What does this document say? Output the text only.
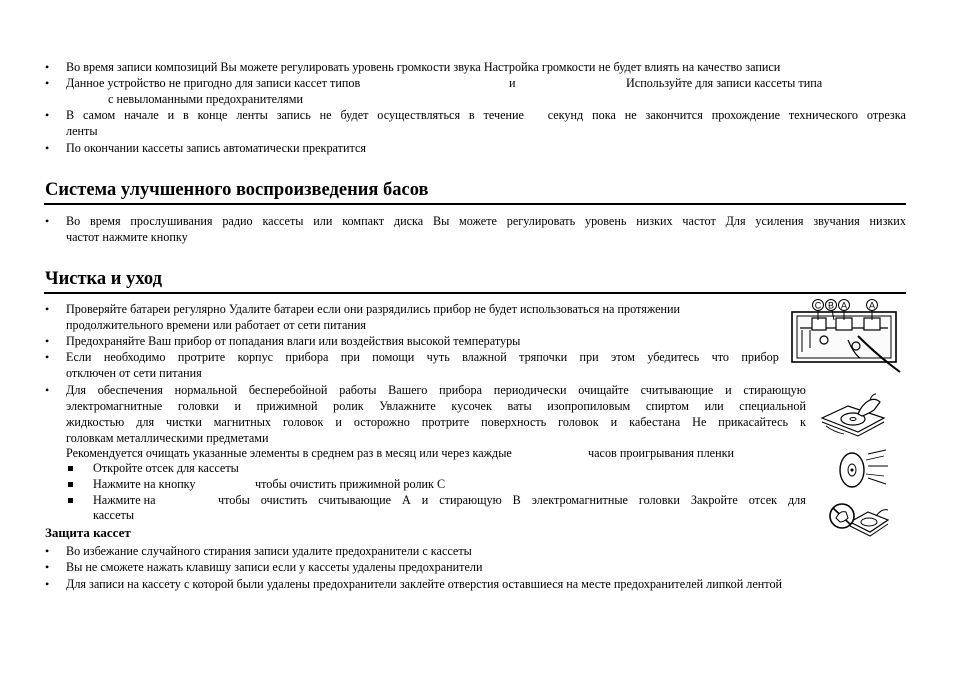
• Во время записи композиций Вы можете регулировать уровень громкости звука Настройка громкости не будет влиять на качество записи
• Данное устройство не пригодно для записи кассет типов	и	Используйте для записи кассеты типа
с невыломанными предохранителями
• В самом начале и в конце ленты запись не будет осуществляться в течение секунд пока не закончится прохождение технического отрезка
ленты
• По окончании кассеты запись автоматически прекратится
Система улучшенного воспроизведения басов
• Во время прослушивания радио кассеты или компакт диска Вы можете регулировать уровень низких частот Для усиления звучания низких
частот нажмите кнопку
Чистка и уход
• Проверяйте батареи регулярно Удалите батареи если они разрядились прибор не будет использоваться на протяжении
продолжительного времени или работает от сети питания
• Предохраняйте Ваш прибор от попадания влаги или воздействия высокой температуры
• Если необходимо протрите корпус прибора при помощи чуть влажной тряпочки при этом убедитесь что прибор
отключен от сети питания
• Для обеспечения нормальной бесперебойной работы Вашего прибора периодически очищайте считывающие и стирающую
электромагнитные головки и прижимной ролик Увлажните кусочек ваты изопропиловым спиртом или специальной
жидкостью для чистки магнитных головок и осторожно протрите поверхность головок и кабестана Не прикасайтесь к
головкам металлическими предметами
Рекомендуется очищать указанные элементы в среднем раз в месяц или через каждые	часов проигрывания пленки
Откройте отсек для кассеты
Нажмите на кнопку	чтобы очистить прижимной ролик C
Нажмите на	чтобы очистить считывающие A и стирающую B электромагнитные головки Закройте отсек для
кассеты
Защита кассет
• Во избежание случайного стирания записи удалите предохранители с кассеты
• Вы не сможете нажать клавишу записи если у кассеты удалены предохранители
• Для записи на кассету с которой были удалены предохранители заклейте отверстия оставшиеся на месте предохранителей липкой лентой
C B A A
